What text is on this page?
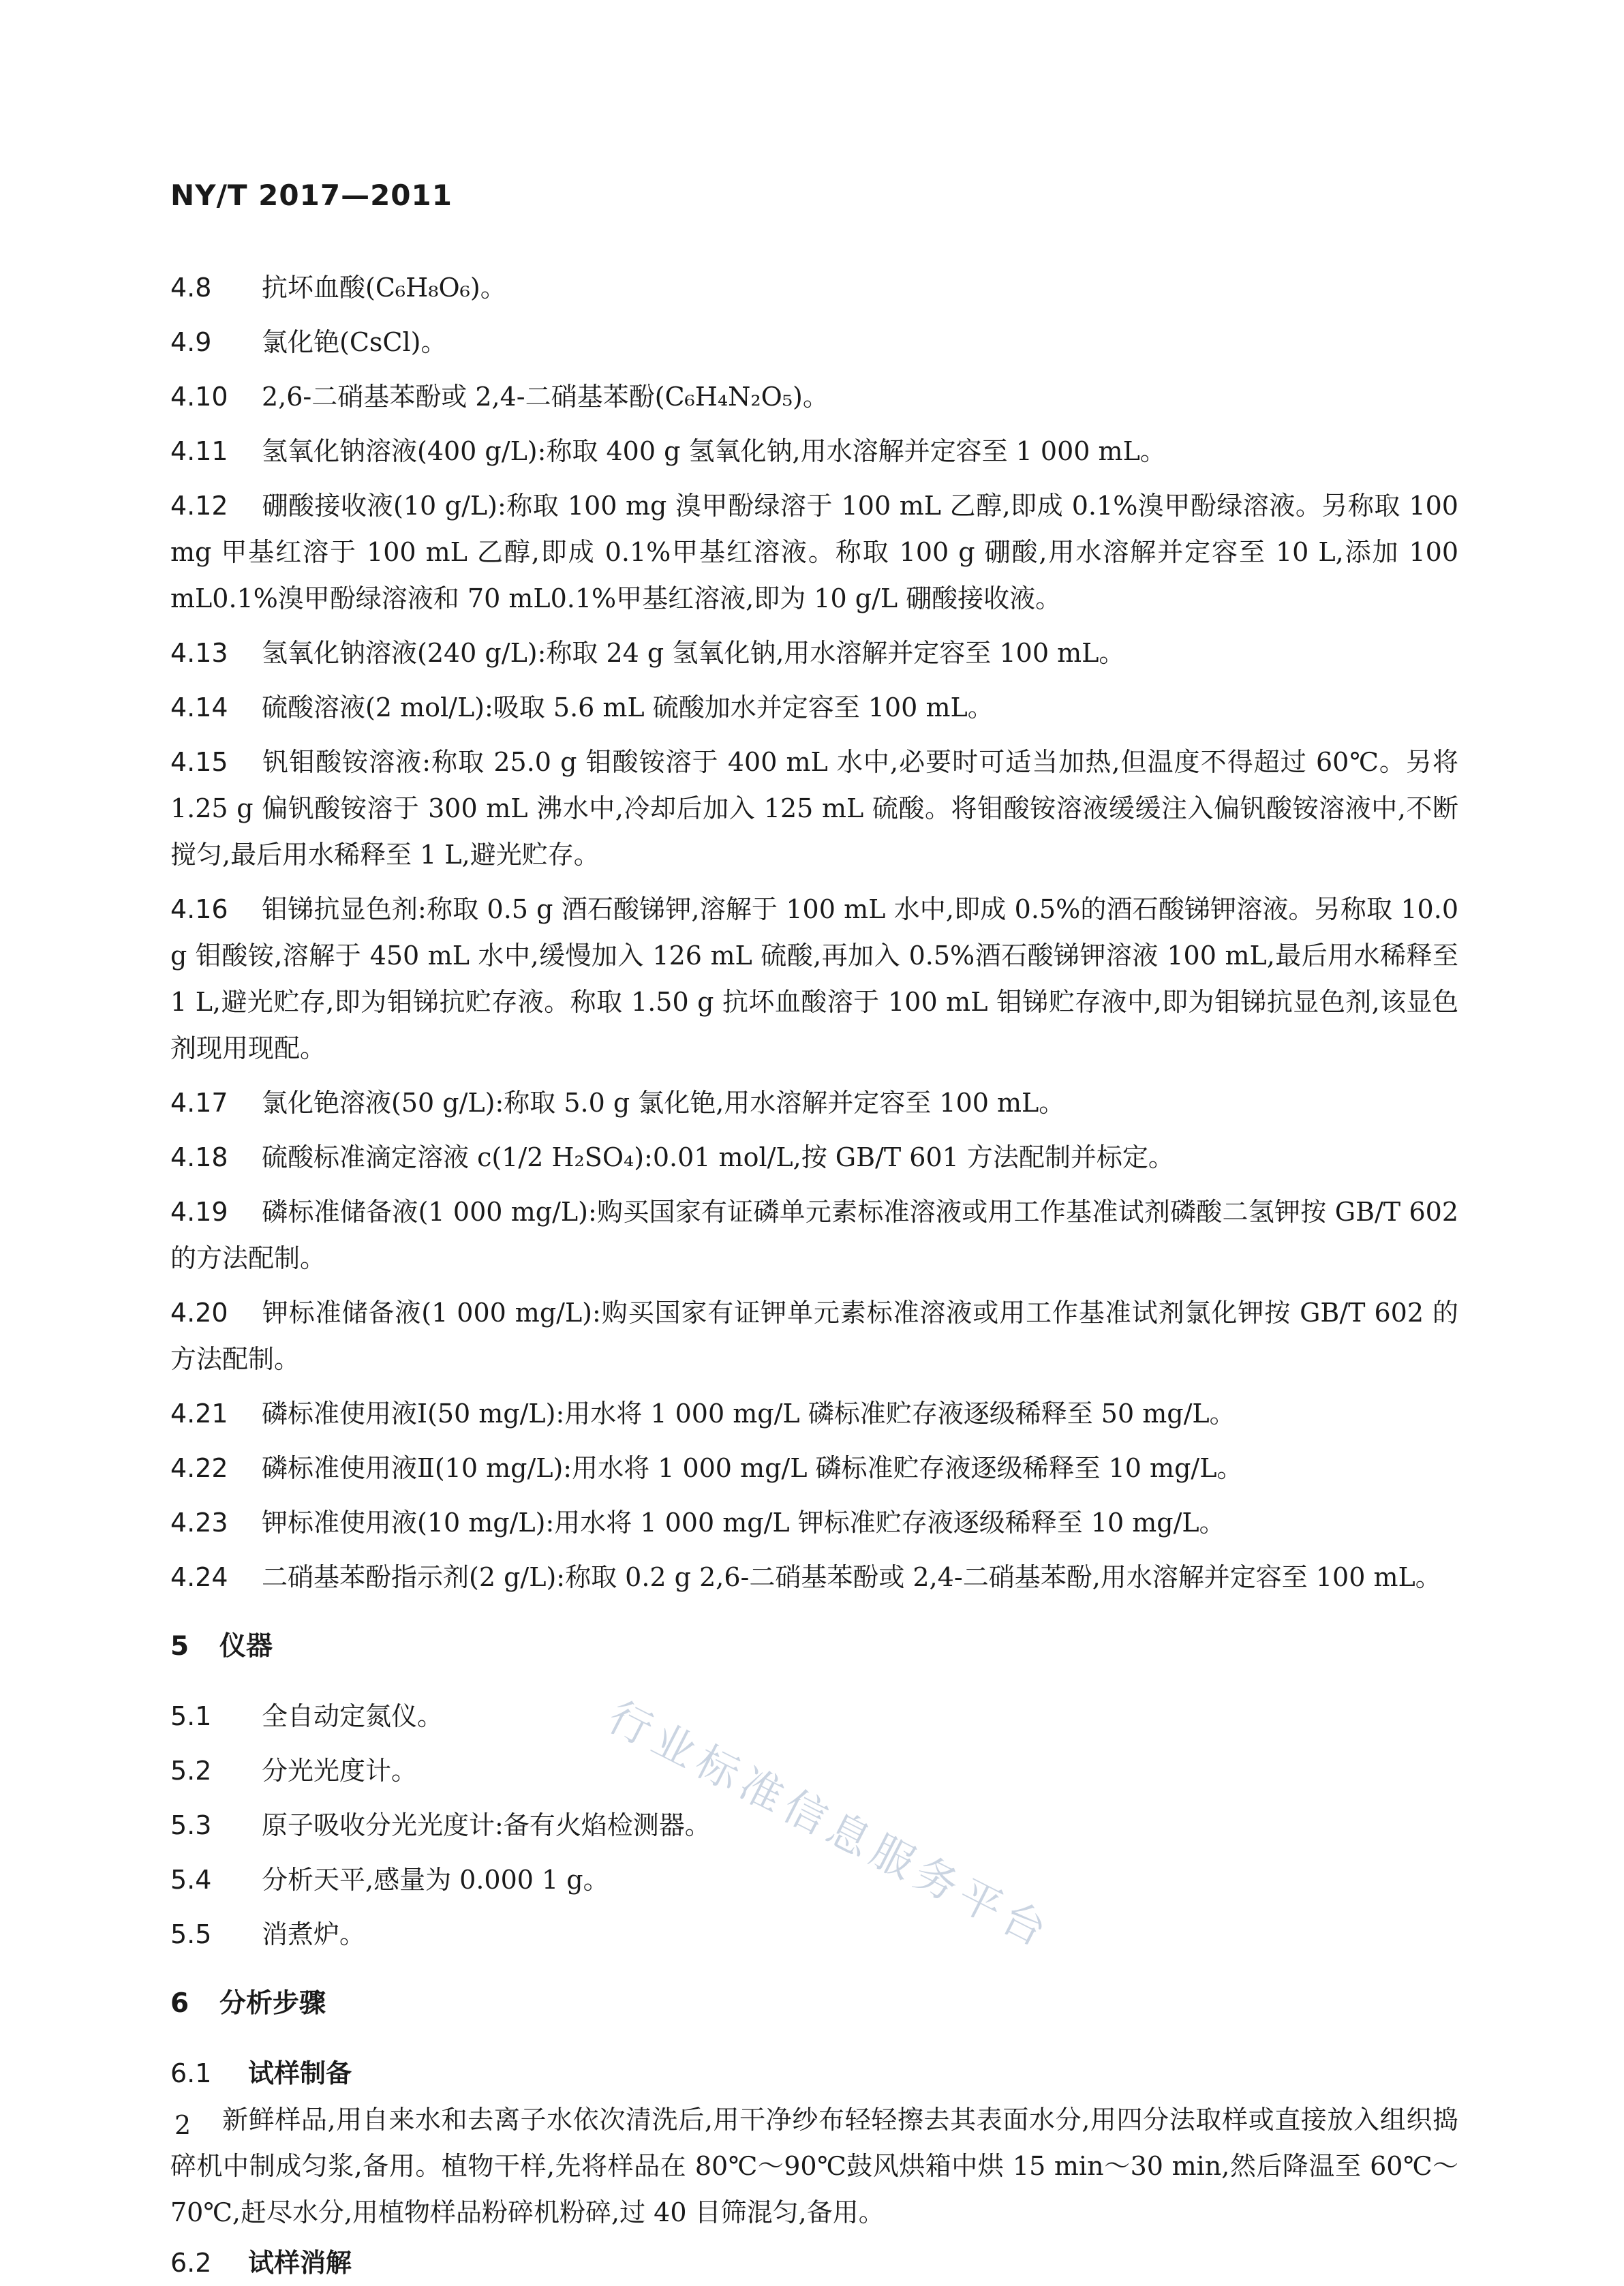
NY/T 2017—2011

4.8 抗坏血酸(C₆H₈O₆)。

4.9 氯化铯(CsCl)。

4.10 2,6-二硝基苯酚或 2,4-二硝基苯酚(C₆H₄N₂O₅)。

4.11 氢氧化钠溶液(400 g/L):称取 400 g 氢氧化钠,用水溶解并定容至 1 000 mL。

4.12 硼酸接收液(10 g/L):称取 100 mg 溴甲酚绿溶于 100 mL 乙醇,即成 0.1%溴甲酚绿溶液。另称取 100 mg 甲基红溶于 100 mL 乙醇,即成 0.1%甲基红溶液。称取 100 g 硼酸,用水溶解并定容至 10 L,添加 100 mL0.1%溴甲酚绿溶液和 70 mL0.1%甲基红溶液,即为 10 g/L 硼酸接收液。

4.13 氢氧化钠溶液(240 g/L):称取 24 g 氢氧化钠,用水溶解并定容至 100 mL。

4.14 硫酸溶液(2 mol/L):吸取 5.6 mL 硫酸加水并定容至 100 mL。

4.15 钒钼酸铵溶液:称取 25.0 g 钼酸铵溶于 400 mL 水中,必要时可适当加热,但温度不得超过 60℃。另将 1.25 g 偏钒酸铵溶于 300 mL 沸水中,冷却后加入 125 mL 硫酸。将钼酸铵溶液缓缓注入偏钒酸铵溶液中,不断搅匀,最后用水稀释至 1 L,避光贮存。

4.16 钼锑抗显色剂:称取 0.5 g 酒石酸锑钾,溶解于 100 mL 水中,即成 0.5%的酒石酸锑钾溶液。另称取 10.0 g 钼酸铵,溶解于 450 mL 水中,缓慢加入 126 mL 硫酸,再加入 0.5%酒石酸锑钾溶液 100 mL,最后用水稀释至 1 L,避光贮存,即为钼锑抗贮存液。称取 1.50 g 抗坏血酸溶于 100 mL 钼锑贮存液中,即为钼锑抗显色剂,该显色剂现用现配。

4.17 氯化铯溶液(50 g/L):称取 5.0 g 氯化铯,用水溶解并定容至 100 mL。

4.18 硫酸标准滴定溶液 c(1/2 H₂SO₄):0.01 mol/L,按 GB/T 601 方法配制并标定。

4.19 磷标准储备液(1 000 mg/L):购买国家有证磷单元素标准溶液或用工作基准试剂磷酸二氢钾按 GB/T 602 的方法配制。

4.20 钾标准储备液(1 000 mg/L):购买国家有证钾单元素标准溶液或用工作基准试剂氯化钾按 GB/T 602 的方法配制。

4.21 磷标准使用液Ⅰ(50 mg/L):用水将 1 000 mg/L 磷标准贮存液逐级稀释至 50 mg/L。

4.22 磷标准使用液Ⅱ(10 mg/L):用水将 1 000 mg/L 磷标准贮存液逐级稀释至 10 mg/L。

4.23 钾标准使用液(10 mg/L):用水将 1 000 mg/L 钾标准贮存液逐级稀释至 10 mg/L。

4.24 二硝基苯酚指示剂(2 g/L):称取 0.2 g 2,6-二硝基苯酚或 2,4-二硝基苯酚,用水溶解并定容至 100 mL。

5 仪器

5.1 全自动定氮仪。

5.2 分光光度计。

5.3 原子吸收分光光度计:备有火焰检测器。

5.4 分析天平,感量为 0.000 1 g。

5.5 消煮炉。

6 分析步骤
6.1 试样制备

新鲜样品,用自来水和去离子水依次清洗后,用干净纱布轻轻擦去其表面水分,用四分法取样或直接放入组织捣碎机中制成匀浆,备用。植物干样,先将样品在 80℃～90℃鼓风烘箱中烘 15 min～30 min,然后降温至 60℃～70℃,赶尽水分,用植物样品粉碎机粉碎,过 40 目筛混匀,备用。

6.2 试样消解
行业标准信息服务平台
2
